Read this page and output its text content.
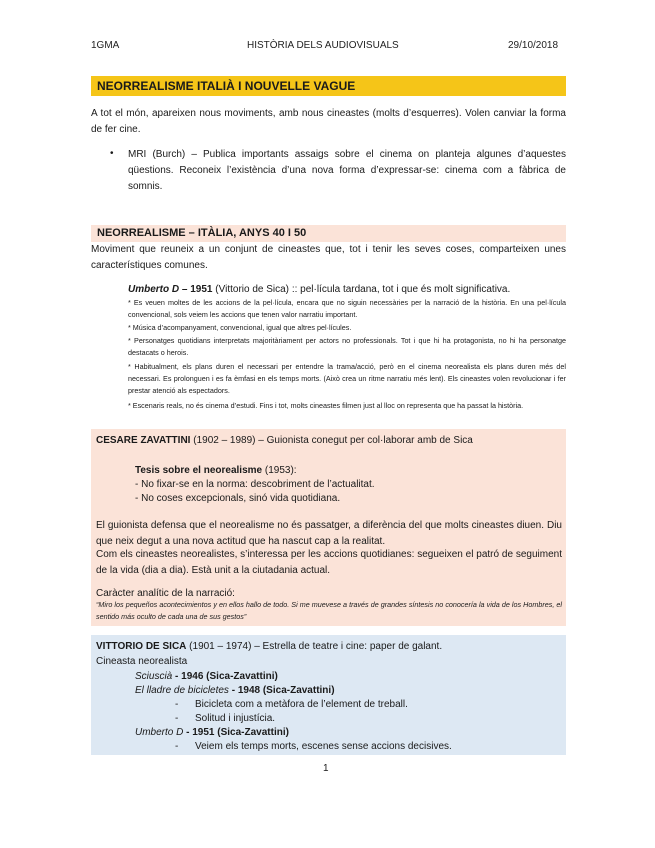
1GMA	HISTÒRIA DELS AUDIOVISUALS	29/10/2018
NEORREALISME ITALIÀ I NOUVELLE VAGUE
A tot el món, apareixen nous moviments, amb nous cineastes (molts d’esquerres). Volen canviar la forma de fer cine.
• MRI (Burch) – Publica importants assaigs sobre el cinema on planteja algunes d’aquestes qüestions. Reconeix l’existència d’una nova forma d’expressar-se: cinema com a fàbrica de somnis.
NEORREALISME – ITÀLIA, ANYS 40 I 50
Moviment que reuneix a un conjunt de cineastes que, tot i tenir les seves coses, comparteixen unes característiques comunes.
Umberto D – 1951 (Vittorio de Sica) :: pel·lícula tardana, tot i que és molt significativa.
* Es veuen moltes de les accions de la pel·lícula, encara que no siguin necessàries per la narració de la història. En una pel·lícula convencional, sols veiem les accions que tenen valor narratiu important.
* Música d’acompanyament, convencional, igual que altres pel·lícules.
* Personatges quotidians interpretats majoritàriament per actors no professionals. Tot i que hi ha protagonista, no hi ha personatge destacats o herois.
* Habitualment, els plans duren el necessari per entendre la trama/acció, però en el cinema neorealista els plans duren més del necessari. Es prolonguen i es fa èmfasi en els temps morts. (Això crea un ritme narratiu més lent). Els cineastes volen revolucionar i fer prestar atenció als espectadors.
* Escenaris reals, no és cinema d’estudi. Fins i tot, molts cineastes filmen just al lloc on representa que ha passat la història.
CESARE ZAVATTINI (1902 – 1989) – Guionista conegut per col·laborar amb de Sica
Tesis sobre el neorealisme (1953):
- No fixar-se en la norma: descobriment de l’actualitat.
- No coses excepcionals, sinó vida quotidiana.
El guionista defensa que el neorealisme no és passatger, a diferència del que molts cineastes diuen. Diu que neix degut a una nova actitud que ha nascut cap a la realitat.
Com els cineastes neorealistes, s’interessa per les accions quotidianes: segueixen el patró de seguiment de la vida (dia a dia). Està unit a la ciutadania actual.
Caràcter analític de la narració:
“Miro los pequeños acontecimientos y en ellos hallo de todo. Si me muevese a través de grandes síntesis no conocería la vida de los Hombres, el sentido más oculto de cada una de sus gestos”
VITTORIO DE SICA (1901 – 1974) – Estrella de teatre i cine: paper de galant.
Cineasta neorealista
Sciuscià - 1946 (Sica-Zavattini)
El lladre de bicicletes - 1948 (Sica-Zavattini)
- Bicicleta com a metàfora de l’element de treball.
- Solitud i injustícia.
Umberto D - 1951 (Sica-Zavattini)
- Veiem els temps morts, escenes sense accions decisives.
1
